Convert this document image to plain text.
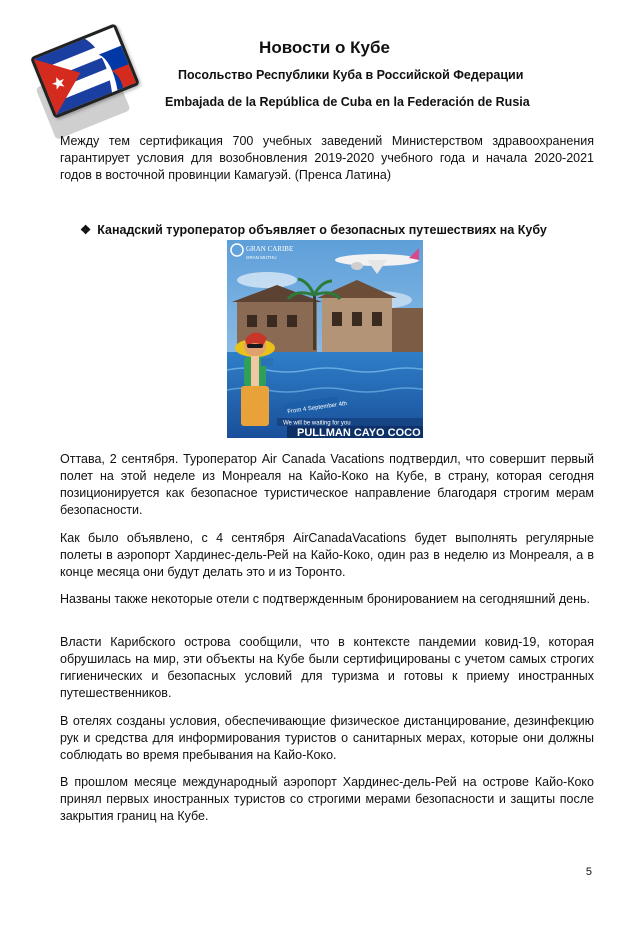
Новости о Кубе
Посольство Республики Куба в Российской Федерации
Embajada de la República de Cuba en la Federación de Rusia

Между тем сертификация 700 учебных заведений Министерством здравоохранения гарантирует условия для возобновления 2019-2020 учебного года и начала 2020-2021 годов в восточной провинции Камагуэй. (Пренса Латина)

❖ Канадский туроператор объявляет о безопасных путешествиях на Кубу
GRAN CARIBE
GRAN MUTHU
From 4 September 4th
We will be waiting for you
PULLMAN CAYO COCO

Оттава, 2 сентября. Туроператор Air Canada Vacations подтвердил, что совершит первый полет на этой неделе из Монреаля на Кайо-Коко на Кубе, в страну, которая сегодня позиционируется как безопасное туристическое направление благодаря строгим мерам безопасности.

Как было объявлено, с 4 сентября AirCanadaVacations будет выполнять регулярные полеты в аэропорт Хардинес-дель-Рей на Кайо-Коко, один раз в неделю из Монреаля, а в конце месяца они будут делать это и из Торонто.

Названы также некоторые отели с подтвержденным бронированием на сегодняшний день.

Власти Карибского острова сообщили, что в контексте пандемии ковид-19, которая обрушилась на мир, эти объекты на Кубе были сертифицированы с учетом самых строгих гигиенических и безопасных условий для туризма и готовы к приему иностранных путешественников.

В отелях созданы условия, обеспечивающие физическое дистанцирование, дезинфекцию рук и средства для информирования туристов о санитарных мерах, которые они должны соблюдать во время пребывания на Кайо-Коко.

В прошлом месяце международный аэропорт Хардинес-дель-Рей на острове Кайо-Коко принял первых иностранных туристов со строгими мерами безопасности и защиты после закрытия границ на Кубе.

5
